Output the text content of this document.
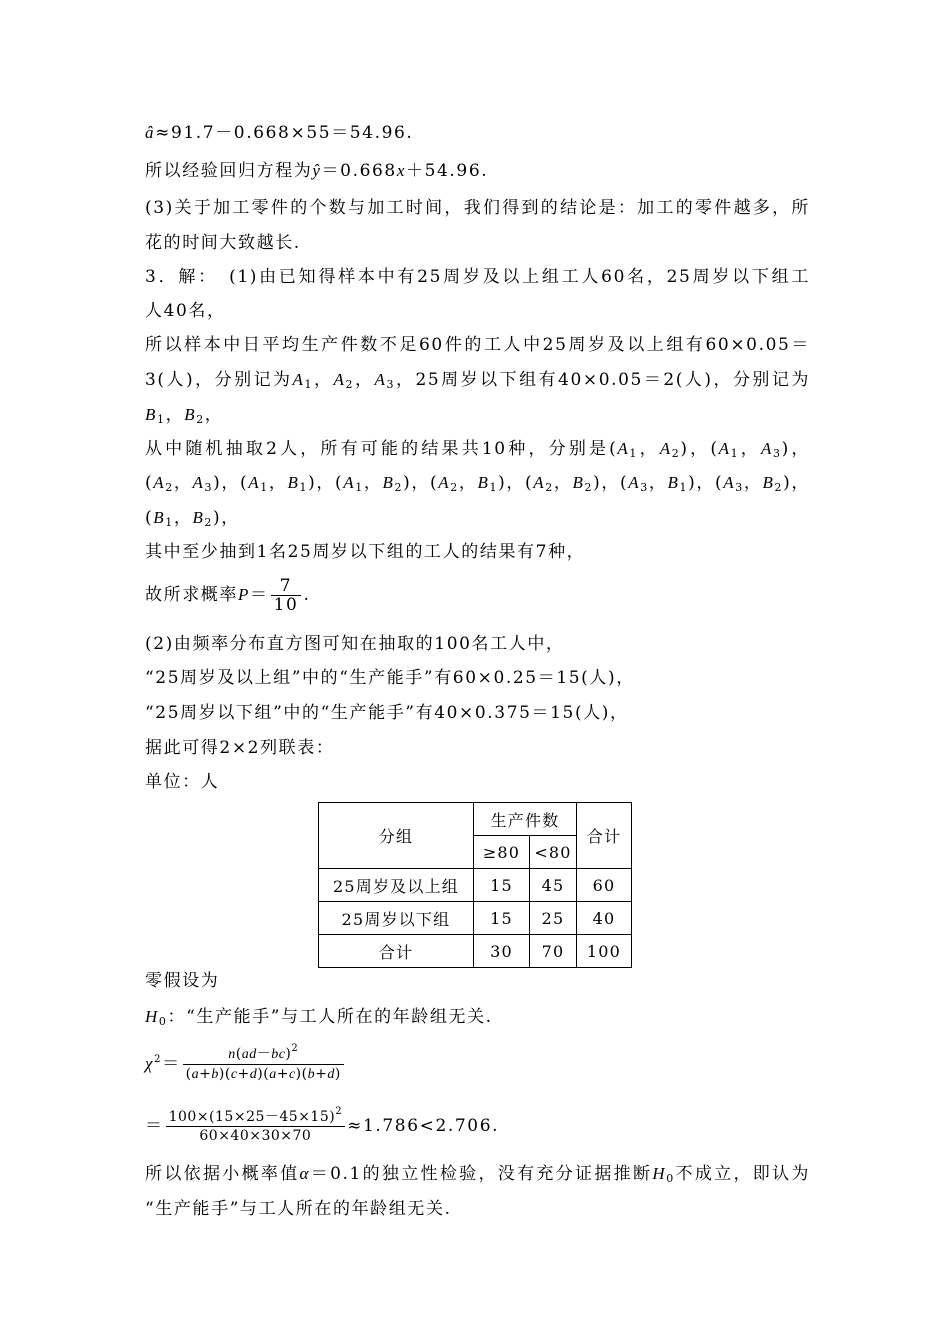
â≈91.7－0.668×55＝54.96.
所以经验回归方程为ŷ＝0.668x＋54.96.
(3)关于加工零件的个数与加工时间，我们得到的结论是：加工的零件越多，所
花的时间大致越长.
3．解：　 (1)由已知得样本中有25周岁及以上组工人60名，25周岁以下组工
人40名，
所以样本中日平均生产件数不足60件的工人中25周岁及以上组有60×0.05＝
3(人)，分别记为$A_1$，$A_2$，$A_3$，25周岁以下组有40×0.05＝2(人)，分别记为
$B_1$，$B_2$，
从中随机抽取2人，所有可能的结果共10种，分别是($A_1$，$A_2$)，($A_1$，$A_3$)，
($A_2$，$A_3$)，($A_1$，$B_1$)，($A_1$，$B_2$)，($A_2$，$B_1$)，($A_2$，$B_2$)，($A_3$，$B_1$)，($A_3$，$B_2$)，
($B_1$，$B_2$)，
其中至少抽到1名25周岁以下组的工人的结果有7种，
故所求概率$P= \frac{7}{10}$ .
(2)由频率分布直方图可知在抽取的100名工人中，
“25周岁及以上组”中的“生产能手”有60×0.25＝15(人)，
“25周岁以下组”中的“生产能手”有40×0.375＝15(人)，
据此可得2×2列联表：
单位：人
分组	生产件数		合计
	≥80	<80	
25周岁及以上组	15	45	60
25周岁以下组	15	25	40
合计	30	70	100
零假设为
$H_0$：“生产能手”与工人所在的年龄组无关.
$\chi^2= \frac{n(ad-bc)^2}{(a+b)(c+d)(a+c)(b+d)}$
＝ $\frac{100\times(15\times 25-45\times 15)^2}{60\times 40\times 30\times 70} \approx 1.786<2.706$.
所以依据小概率值α＝0.1的独立性检验，没有充分证据推断$H_0$不成立，即认为
“生产能手”与工人所在的年龄组无关.
